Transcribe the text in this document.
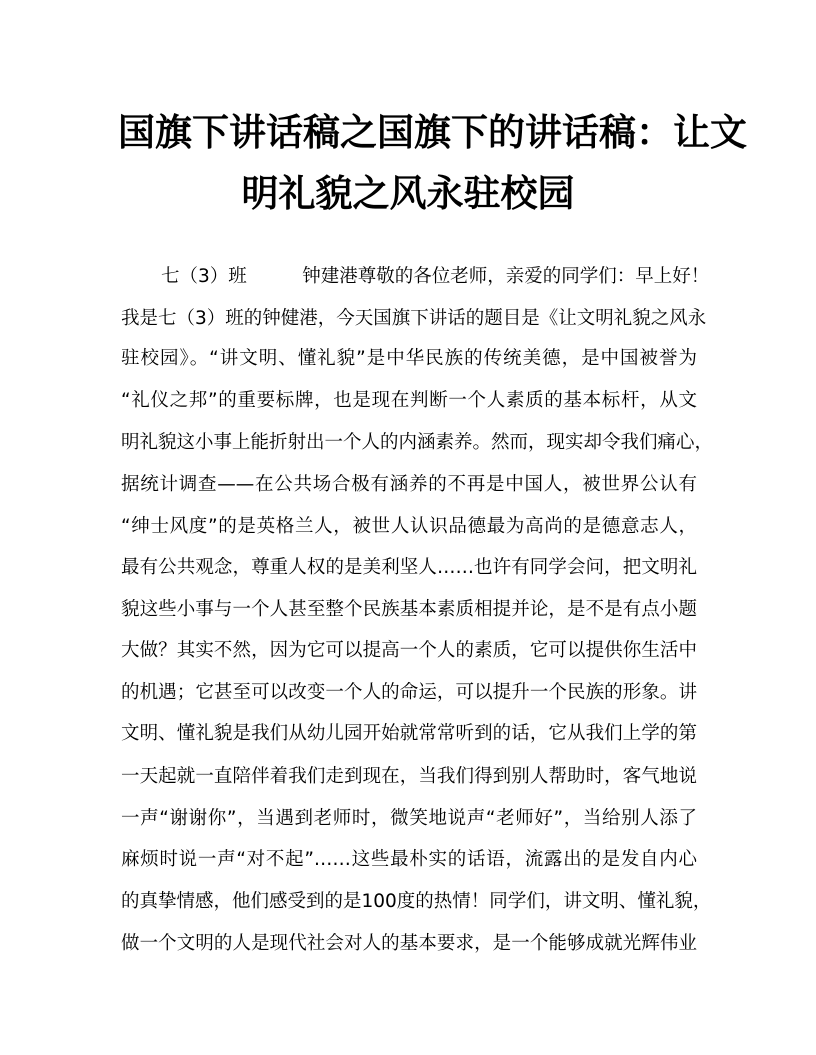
国旗下讲话稿之国旗下的讲话稿：让文
明礼貌之风永驻校园

七（3）班　　　钟建港尊敬的各位老师，亲爱的同学们：早上好！

我是七（3）班的钟健港，今天国旗下讲话的题目是《让文明礼貌之风永

驻校园》。“讲文明、懂礼貌”是中华民族的传统美德，是中国被誉为

“礼仪之邦”的重要标牌，也是现在判断一个人素质的基本标杆，从文

明礼貌这小事上能折射出一个人的内涵素养。然而，现实却令我们痛心，

据统计调查——在公共场合极有涵养的不再是中国人，被世界公认有

“绅士风度”的是英格兰人，被世人认识品德最为高尚的是德意志人，

最有公共观念，尊重人权的是美利坚人……也许有同学会问，把文明礼

貌这些小事与一个人甚至整个民族基本素质相提并论，是不是有点小题

大做？其实不然，因为它可以提高一个人的素质，它可以提供你生活中

的机遇；它甚至可以改变一个人的命运，可以提升一个民族的形象。讲

文明、懂礼貌是我们从幼儿园开始就常常听到的话，它从我们上学的第

一天起就一直陪伴着我们走到现在，当我们得到别人帮助时，客气地说

一声“谢谢你”，当遇到老师时，微笑地说声“老师好”，当给别人添了

麻烦时说一声“对不起”……这些最朴实的话语，流露出的是发自内心

的真挚情感，他们感受到的是100度的热情！同学们，讲文明、懂礼貌，

做一个文明的人是现代社会对人的基本要求，是一个能够成就光辉伟业
